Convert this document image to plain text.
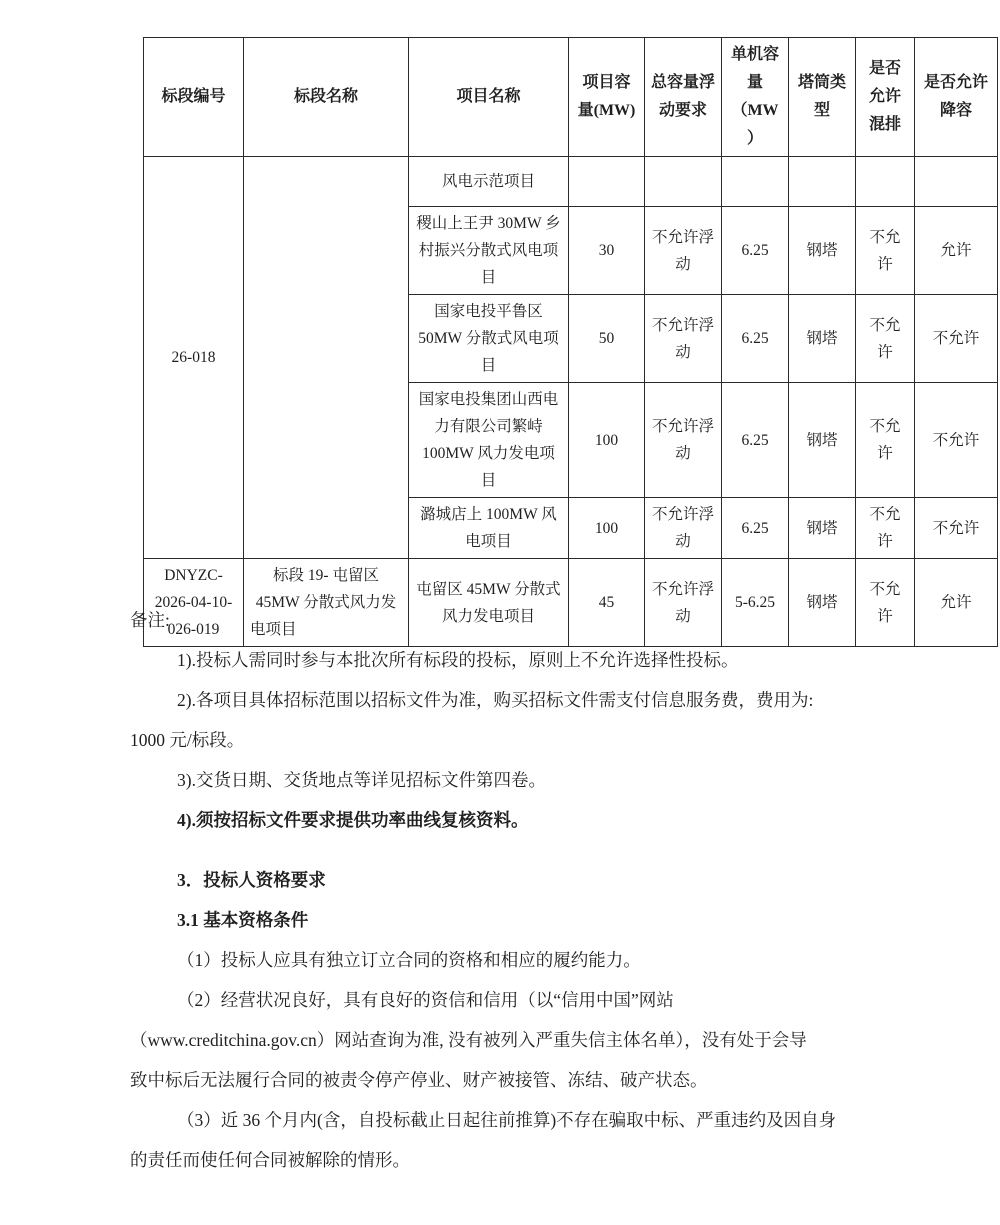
标段编号	标段名称	项目名称	项目容量(MW)	总容量浮动要求	单机容量（MW）	塔筒类型	是否允许混排	是否允许降容
26-018		风电示范项目						
		稷山上王尹 30MW 乡村振兴分散式风电项目	30	不允许浮动	6.25	钢塔	不允许	允许
		国家电投平鲁区 50MW 分散式风电项目	50	不允许浮动	6.25	钢塔	不允许	不允许
		国家电投集团山西电力有限公司繁峙 100MW 风力发电项目	100	不允许浮动	6.25	钢塔	不允许	不允许
		潞城店上 100MW 风电项目	100	不允许浮动	6.25	钢塔	不允许	不允许
DNYZC-2026-04-10-026-019	标段 19- 屯留区 45MW 分散式风力发电项目	屯留区 45MW 分散式风力发电项目	45	不允许浮动	5-6.25	钢塔	不允许	允许

备注:

1).投标人需同时参与本批次所有标段的投标，原则上不允许选择性投标。

2).各项目具体招标范围以招标文件为准，购买招标文件需支付信息服务费，费用为:

1000 元/标段。

3).交货日期、交货地点等详见招标文件第四卷。

4).须按招标文件要求提供功率曲线复核资料。

3．投标人资格要求

3.1 基本资格条件

（1）投标人应具有独立订立合同的资格和相应的履约能力。

（2）经营状况良好，具有良好的资信和信用（以“信用中国”网站

（www.creditchina.gov.cn）网站查询为准, 没有被列入严重失信主体名单），没有处于会导

致中标后无法履行合同的被责令停产停业、财产被接管、冻结、破产状态。

（3）近 36 个月内(含，自投标截止日起往前推算)不存在骗取中标、严重违约及因自身

的责任而使任何合同被解除的情形。
